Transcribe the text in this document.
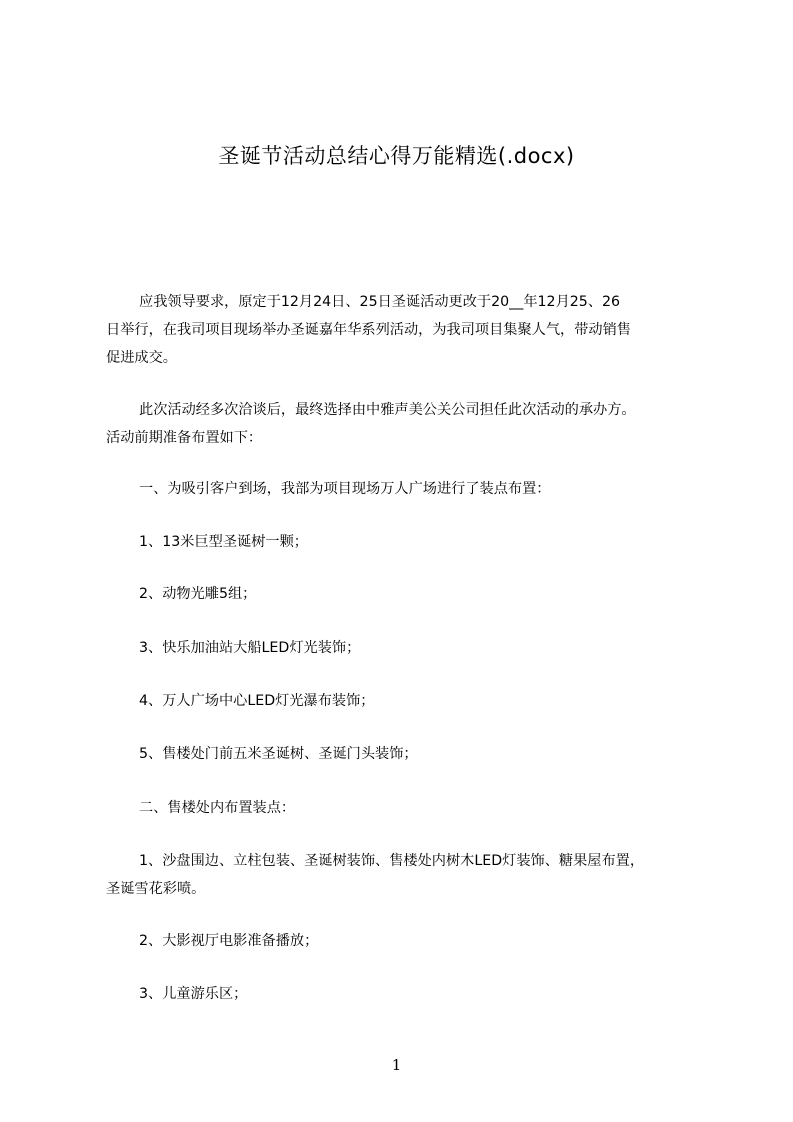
圣诞节活动总结心得万能精选(.docx)
应我领导要求，原定于12月24日、25日圣诞活动更改于20__年12月25、26
日举行，在我司项目现场举办圣诞嘉年华系列活动，为我司项目集聚人气，带动销售
促进成交。
此次活动经多次洽谈后，最终选择由中雅声美公关公司担任此次活动的承办方。
活动前期准备布置如下：
一、为吸引客户到场，我部为项目现场万人广场进行了装点布置：
1、13米巨型圣诞树一颗；
2、动物光雕5组；
3、快乐加油站大船LED灯光装饰；
4、万人广场中心LED灯光瀑布装饰；
5、售楼处门前五米圣诞树、圣诞门头装饰；
二、售楼处内布置装点：
1、沙盘围边、立柱包装、圣诞树装饰、售楼处内树木LED灯装饰、糖果屋布置，
圣诞雪花彩喷。
2、大影视厅电影准备播放；
3、儿童游乐区；
1
